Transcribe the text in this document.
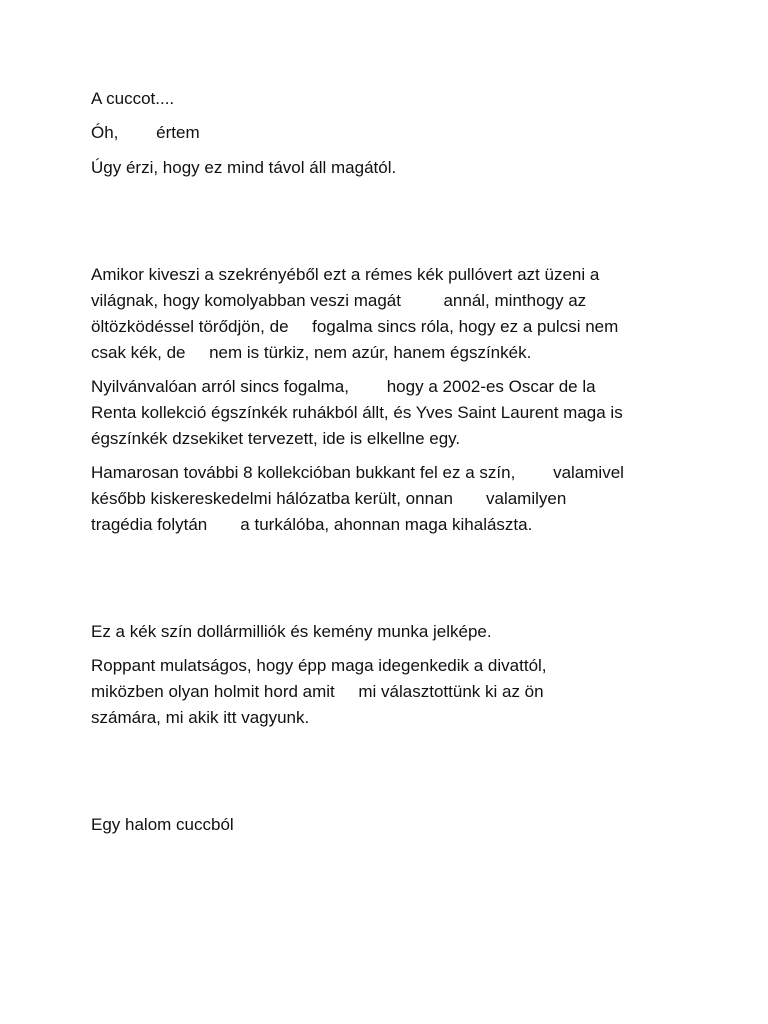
A cuccot....

Óh,        értem

Úgy érzi, hogy ez mind távol áll magától.

Amikor kiveszi a szekrényéből ezt a rémes kék pullóvert azt üzeni a

világnak, hogy komolyabban veszi magát         annál, minthogy az

öltözködéssel törődjön, de     fogalma sincs róla, hogy ez a pulcsi nem

csak kék, de     nem is türkiz, nem azúr, hanem égszínkék.

Nyilvánvalóan arról sincs fogalma,        hogy a 2002-es Oscar de la

Renta kollekció égszínkék ruhákból állt, és Yves Saint Laurent maga is

égszínkék dzsekiket tervezett, ide is elkellne egy.

Hamarosan további 8 kollekcióban bukkant fel ez a szín,        valamivel

később kiskereskedelmi hálózatba került, onnan       valamilyen

tragédia folytán       a turkálóba, ahonnan maga kihalászta.

Ez a kék szín dollármilliók és kemény munka jelképe.

Roppant mulatságos, hogy épp maga idegenkedik a divattól,

miközben olyan holmit hord amit     mi választottünk ki az ön

számára, mi akik itt vagyunk.

Egy halom cuccból
